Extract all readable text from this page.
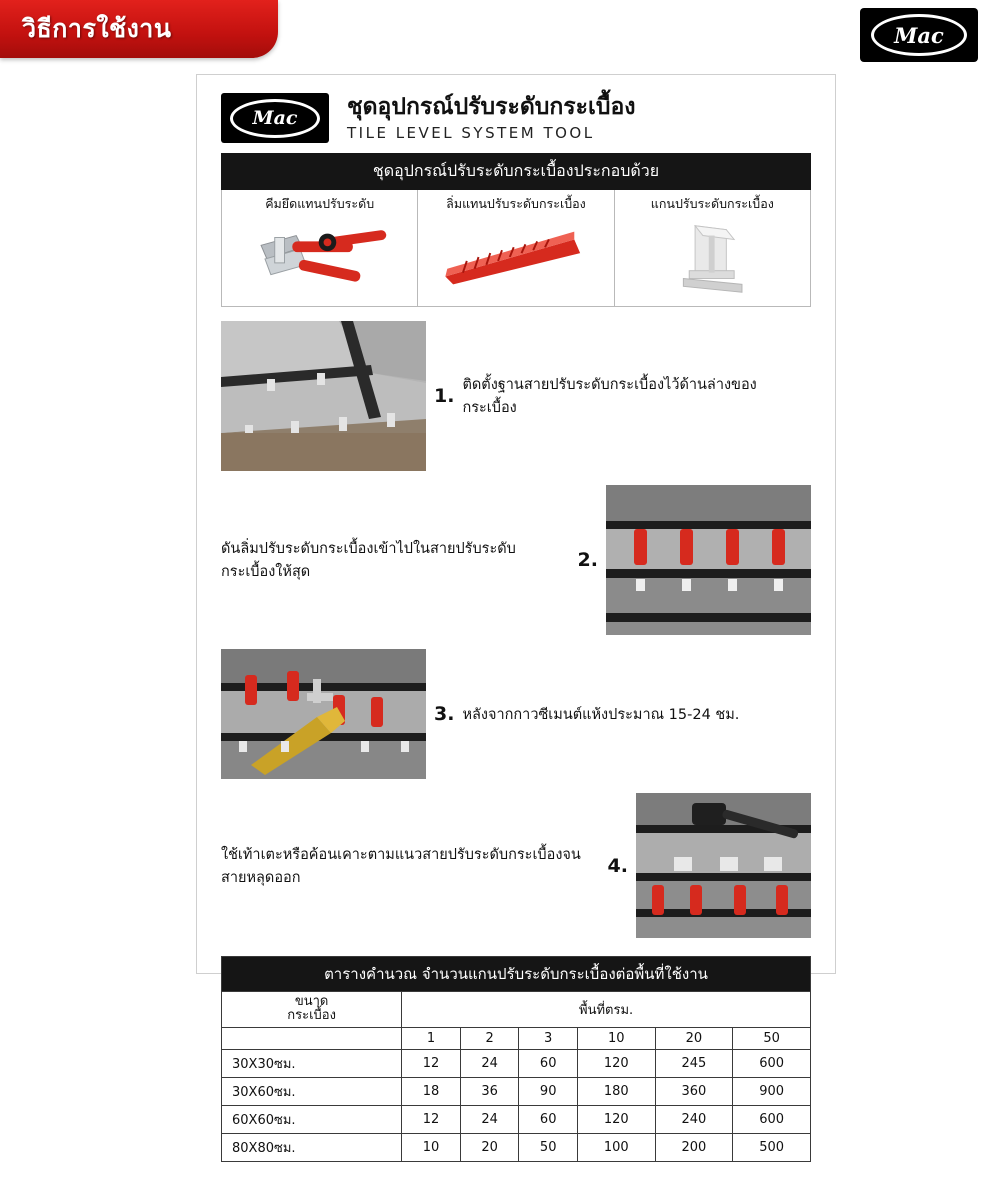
วิธีการใช้งาน	Mac
Mac ชุดอุปกรณ์ปรับระดับกระเบื้อง
TILE LEVEL SYSTEM TOOL
ชุดอุปกรณ์ปรับระดับกระเบื้องประกอบด้วย
คีมยึดแทนปรับระดับ	ลิ่มแทนปรับระดับกระเบื้อง	แกนปรับระดับกระเบื้อง
1. ติดตั้งฐานสายปรับระดับกระเบื้องไว้ด้านล่างของกระเบื้อง
ดันลิ่มปรับระดับกระเบื้องเข้าไปในสายปรับระดับกระเบื้องให้สุด
2.
3. หลังจากกาวซีเมนต์แห้งประมาณ 15-24 ชม.
ใช้เท้าเตะหรือค้อนเคาะตามแนวสายปรับระดับกระเบื้องจนสายหลุดออก
4.
ตารางคำนวณ จำนวนแกนปรับระดับกระเบื้องต่อพื้นที่ใช้งาน						

ขนาด
กระเบื้อง	พื้นที่ตรม.					
	1	2	3	10	20	50
30X30ซม.	12	24	60	120	245	600
30X60ซม.	18	36	90	180	360	900
60X60ซม.	12	24	60	120	240	600
80X80ซม.	10	20	50	100	200	500
